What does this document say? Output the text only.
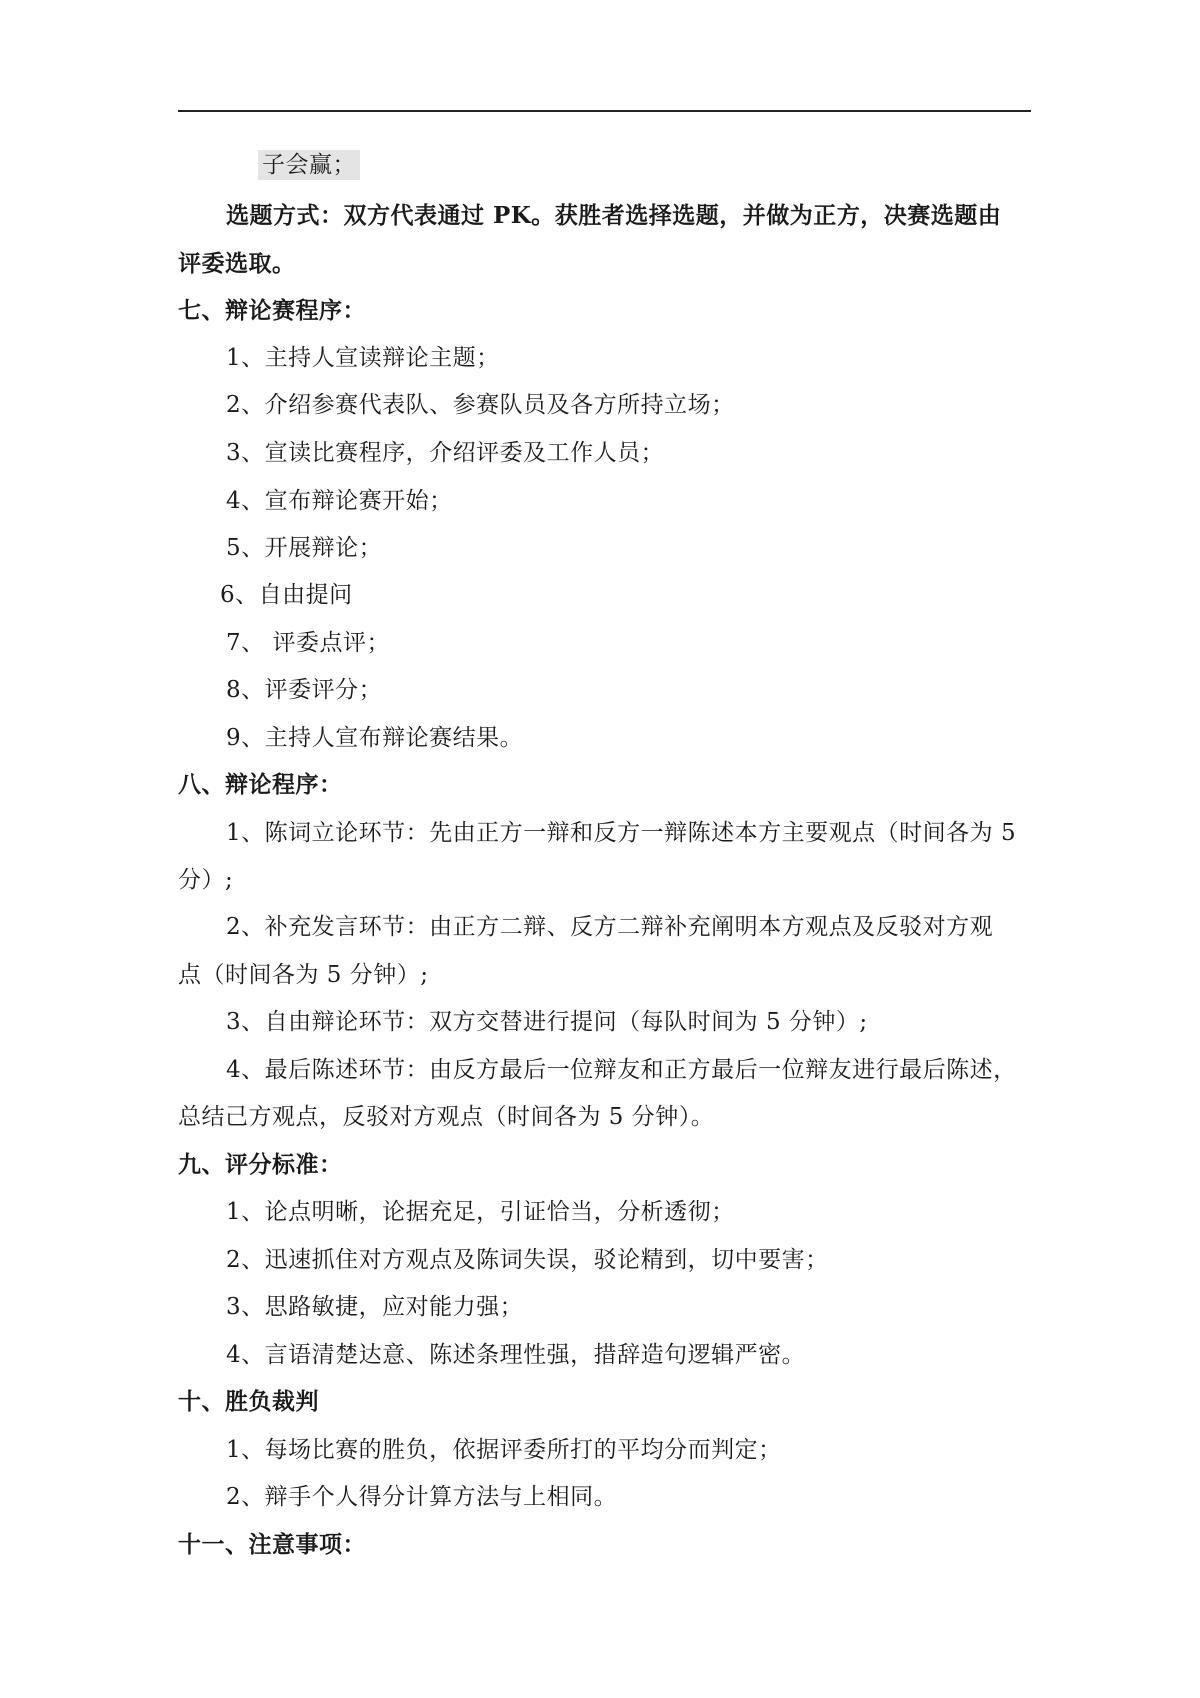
子会赢；
选题方式：双方代表通过 PK。获胜者选择选题，并做为正方，决赛选题由
评委选取。
七、辩论赛程序：
1、主持人宣读辩论主题；
2、介绍参赛代表队、参赛队员及各方所持立场；
3、宣读比赛程序，介绍评委及工作人员；
4、宣布辩论赛开始；
5、开展辩论；
6、自由提问
7、 评委点评；
8、评委评分；
9、主持人宣布辩论赛结果。
八、辩论程序：
1、陈词立论环节：先由正方一辩和反方一辩陈述本方主要观点（时间各为 5
分）;
2、补充发言环节：由正方二辩、反方二辩补充阐明本方观点及反驳对方观
点（时间各为 5 分钟）;
3、自由辩论环节：双方交替进行提问（每队时间为 5 分钟）;
4、最后陈述环节：由反方最后一位辩友和正方最后一位辩友进行最后陈述，
总结己方观点，反驳对方观点（时间各为 5 分钟）。
九、评分标准：
1、论点明晰，论据充足，引证恰当，分析透彻；
2、迅速抓住对方观点及陈词失误，驳论精到，切中要害；
3、思路敏捷，应对能力强；
4、言语清楚达意、陈述条理性强，措辞造句逻辑严密。
十、胜负裁判
1、每场比赛的胜负，依据评委所打的平均分而判定；
2、辩手个人得分计算方法与上相同。
十一、注意事项：
